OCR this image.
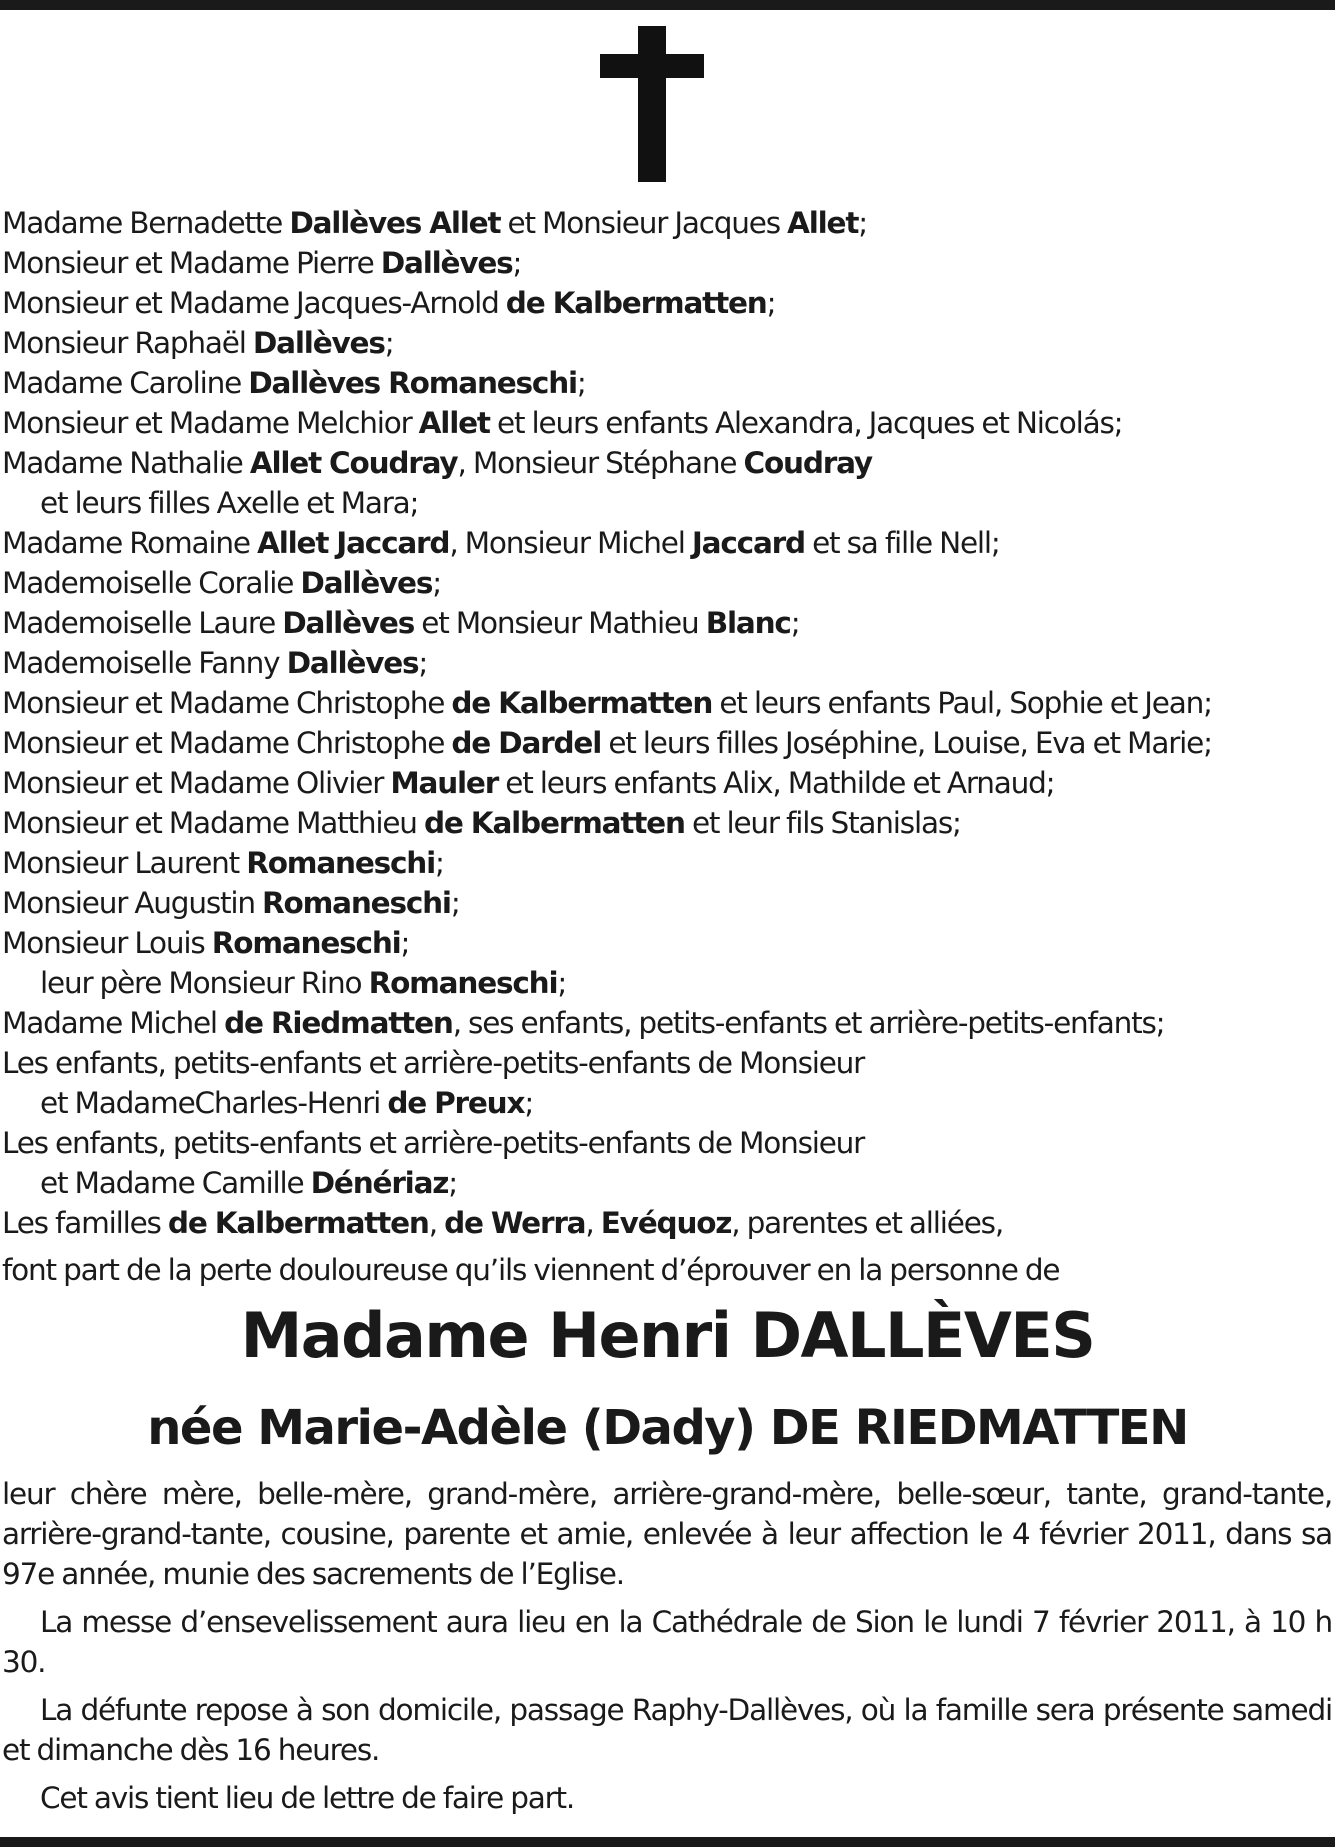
Madame Bernadette Dallèves Allet et Monsieur Jacques Allet;
Monsieur et Madame Pierre Dallèves;
Monsieur et Madame Jacques-Arnold de Kalbermatten;
Monsieur Raphaël Dallèves;
Madame Caroline Dallèves Romaneschi;
Monsieur et Madame Melchior Allet et leurs enfants Alexandra, Jacques et Nicolás;
Madame Nathalie Allet Coudray, Monsieur Stéphane Coudray
et leurs filles Axelle et Mara;
Madame Romaine Allet Jaccard, Monsieur Michel Jaccard et sa fille Nell;
Mademoiselle Coralie Dallèves;
Mademoiselle Laure Dallèves et Monsieur Mathieu Blanc;
Mademoiselle Fanny Dallèves;
Monsieur et Madame Christophe de Kalbermatten et leurs enfants Paul, Sophie et Jean;
Monsieur et Madame Christophe de Dardel et leurs filles Joséphine, Louise, Eva et Marie;
Monsieur et Madame Olivier Mauler et leurs enfants Alix, Mathilde et Arnaud;
Monsieur et Madame Matthieu de Kalbermatten et leur fils Stanislas;
Monsieur Laurent Romaneschi;
Monsieur Augustin Romaneschi;
Monsieur Louis Romaneschi;
leur père Monsieur Rino Romaneschi;
Madame Michel de Riedmatten, ses enfants, petits-enfants et arrière-petits-enfants;
Les enfants, petits-enfants et arrière-petits-enfants de Monsieur
et MadameCharles-Henri de Preux;
Les enfants, petits-enfants et arrière-petits-enfants de Monsieur
et Madame Camille Dénériaz;
Les familles de Kalbermatten, de Werra, Evéquoz, parentes et alliées,
font part de la perte douloureuse qu’ils viennent d’éprouver en la personne de
Madame Henri DALLÈVES
née Marie-Adèle (Dady) DE RIEDMATTEN

leur chère mère, belle-mère, grand-mère, arrière-grand-mère, belle-sœur, tante, grand-tante, arrière-grand-tante, cousine, parente et amie, enlevée à leur affection le 4 février 2011, dans sa 97e année, munie des sacrements de l’Eglise.

La messe d’ensevelissement aura lieu en la Cathédrale de Sion le lundi 7 février 2011, à 10 h 30.

La défunte repose à son domicile, passage Raphy-Dallèves, où la famille sera présente samedi et dimanche dès 16 heures.

Cet avis tient lieu de lettre de faire part.
